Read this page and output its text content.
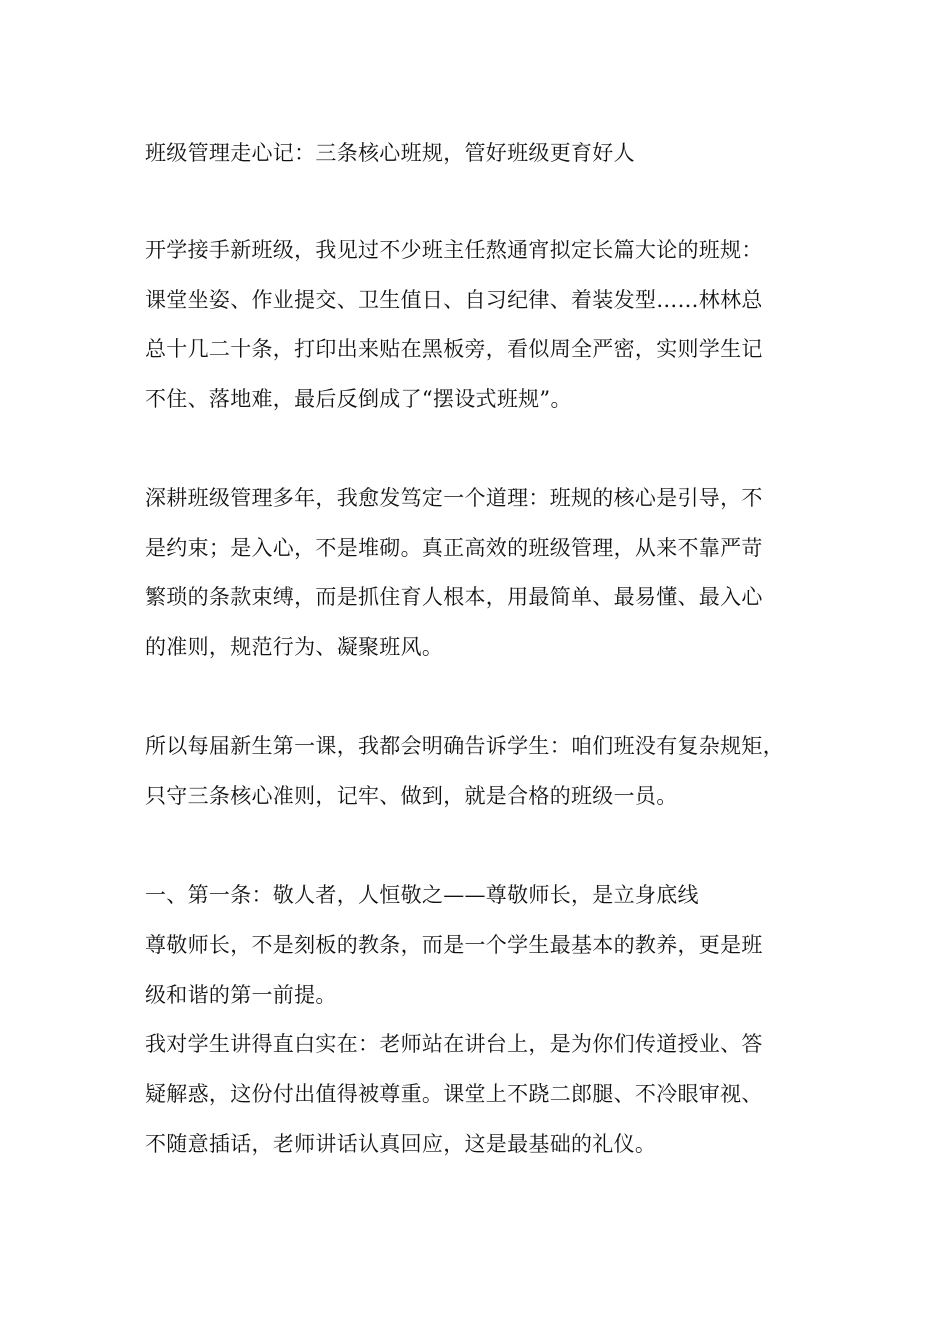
班级管理走心记：三条核心班规，管好班级更育好人
开学接手新班级，我见过不少班主任熬通宵拟定长篇大论的班规：
课堂坐姿、作业提交、卫生值日、自习纪律、着装发型……林林总
总十几二十条，打印出来贴在黑板旁，看似周全严密，实则学生记
不住、落地难，最后反倒成了“摆设式班规”。
深耕班级管理多年，我愈发笃定一个道理：班规的核心是引导，不
是约束；是入心，不是堆砌。真正高效的班级管理，从来不靠严苛
繁琐的条款束缚，而是抓住育人根本，用最简单、最易懂、最入心
的准则，规范行为、凝聚班风。
所以每届新生第一课，我都会明确告诉学生：咱们班没有复杂规矩，
只守三条核心准则，记牢、做到，就是合格的班级一员。
一、第一条：敬人者，人恒敬之——尊敬师长，是立身底线
尊敬师长，不是刻板的教条，而是一个学生最基本的教养，更是班
级和谐的第一前提。
我对学生讲得直白实在：老师站在讲台上，是为你们传道授业、答
疑解惑，这份付出值得被尊重。课堂上不跷二郎腿、不冷眼审视、
不随意插话，老师讲话认真回应，这是最基础的礼仪。
